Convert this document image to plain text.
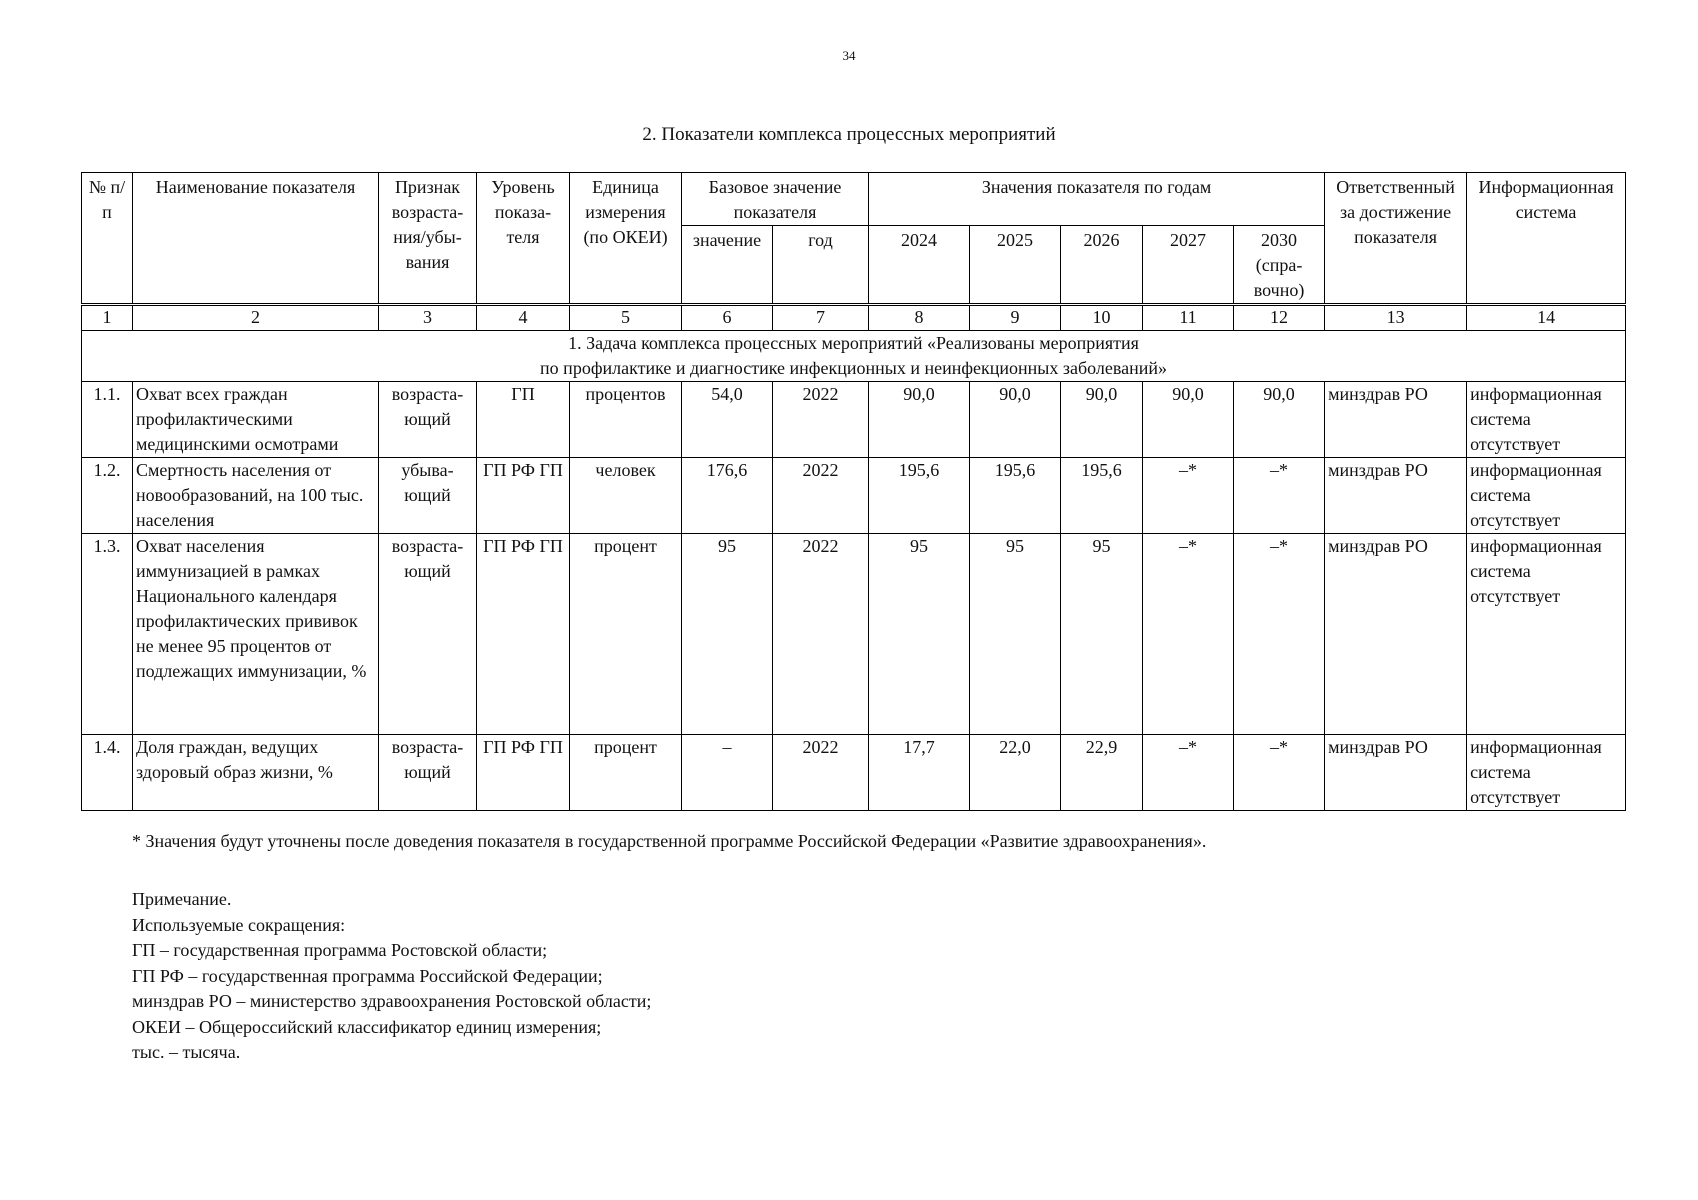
34
2. Показатели комплекса процессных мероприятий
№ п/п	Наименование показателя	Признак возраста-ния/убы-вания	Уровень показа-теля	Единица измерения (по ОКЕИ)	Базовое значение показателя		Значения показателя по годам					Ответственный за достижение показателя	Информационная система
					значение	год	2024	2025	2026	2027	2030 (спра-вочно)		
1	2	3	4	5	6	7	8	9	10	11	12	13	14

1. Задача комплекса процессных мероприятий «Реализованы мероприятия
по профилактике и диагностике инфекционных и неинфекционных заболеваний»													

1.1.	Охват всех граждан профилактическими медицинскими осмотрами	возраста-ющий	ГП	процентов	54,0	2022	90,0	90,0	90,0	90,0	90,0	минздрав РО	информационная система отсутствует
1.2.	Смертность населения от новообразований, на 100 тыс. населения	убыва-ющий	ГП РФ ГП	человек	176,6	2022	195,6	195,6	195,6	–*	–*	минздрав РО	информационная система отсутствует
1.3.	Охват населения иммунизацией в рамках Национального календаря профилактических прививок не менее 95 процентов от подлежащих иммунизации, %	возраста-ющий	ГП РФ ГП	процент	95	2022	95	95	95	–*	–*	минздрав РО	информационная система отсутствует
1.4.	Доля граждан, ведущих здоровый образ жизни, %	возраста-ющий	ГП РФ ГП	процент	–	2022	17,7	22,0	22,9	–*	–*	минздрав РО	информационная система отсутствует
* Значения будут уточнены после доведения показателя в государственной программе Российской Федерации «Развитие здравоохранения».
Примечание.
Используемые сокращения:
ГП – государственная программа Ростовской области;
ГП РФ – государственная программа Российской Федерации;
минздрав РО – министерство здравоохранения Ростовской области;
ОКЕИ – Общероссийский классификатор единиц измерения;
тыс. – тысяча.
